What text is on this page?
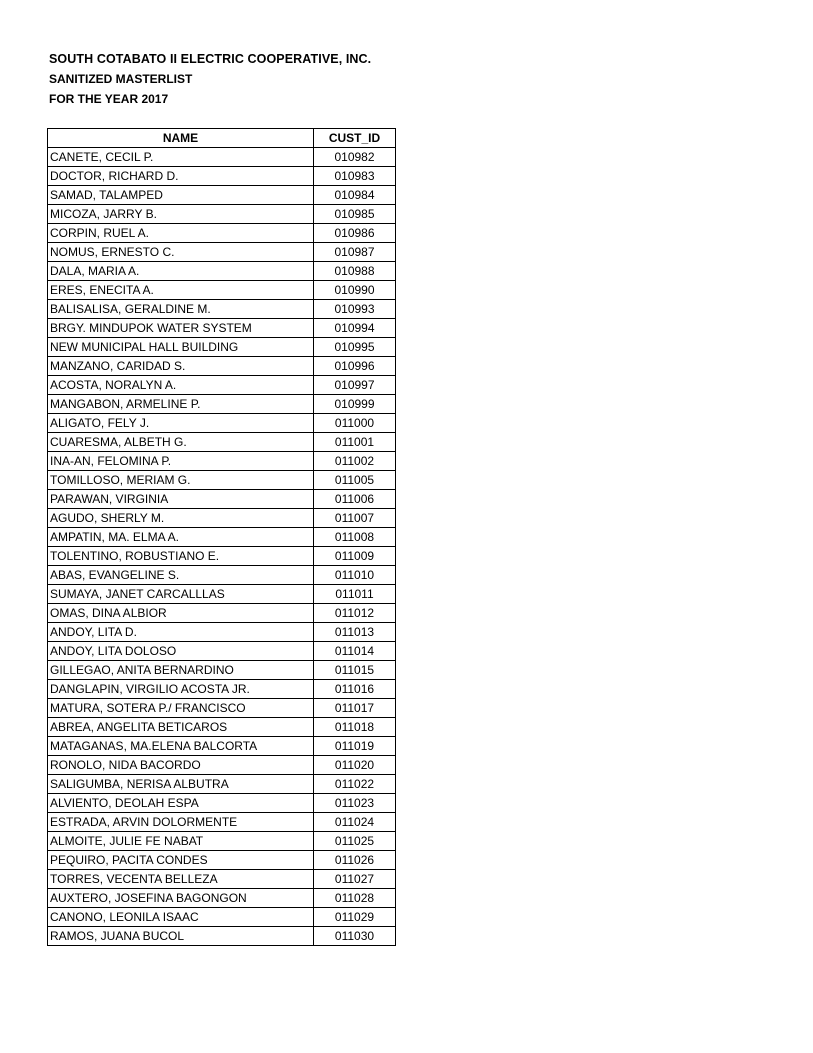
SOUTH COTABATO II ELECTRIC COOPERATIVE, INC.
SANITIZED MASTERLIST
FOR THE YEAR 2017
NAME	CUST_ID
CANETE, CECIL P.	010982
DOCTOR, RICHARD D.	010983
SAMAD, TALAMPED	010984
MICOZA, JARRY B.	010985
CORPIN, RUEL A.	010986
NOMUS, ERNESTO C.	010987
DALA, MARIA A.	010988
ERES, ENECITA A.	010990
BALISALISA, GERALDINE M.	010993
BRGY. MINDUPOK WATER SYSTEM	010994
NEW MUNICIPAL HALL BUILDING	010995
MANZANO, CARIDAD S.	010996
ACOSTA, NORALYN A.	010997
MANGABON, ARMELINE P.	010999
ALIGATO, FELY J.	011000
CUARESMA, ALBETH G.	011001
INA-AN, FELOMINA P.	011002
TOMILLOSO, MERIAM G.	011005
PARAWAN, VIRGINIA	011006
AGUDO, SHERLY M.	011007
AMPATIN, MA. ELMA A.	011008
TOLENTINO, ROBUSTIANO E.	011009
ABAS, EVANGELINE S.	011010
SUMAYA, JANET CARCALLLAS	011011
OMAS, DINA ALBIOR	011012
ANDOY, LITA D.	011013
ANDOY, LITA DOLOSO	011014
GILLEGAO, ANITA BERNARDINO	011015
DANGLAPIN, VIRGILIO ACOSTA JR.	011016
MATURA, SOTERA P./ FRANCISCO	011017
ABREA, ANGELITA BETICAROS	011018
MATAGANAS, MA.ELENA BALCORTA	011019
RONOLO, NIDA BACORDO	011020
SALIGUMBA, NERISA ALBUTRA	011022
ALVIENTO, DEOLAH ESPA	011023
ESTRADA, ARVIN DOLORMENTE	011024
ALMOITE, JULIE FE NABAT	011025
PEQUIRO, PACITA CONDES	011026
TORRES, VECENTA BELLEZA	011027
AUXTERO, JOSEFINA BAGONGON	011028
CANONO, LEONILA ISAAC	011029
RAMOS, JUANA BUCOL	011030
